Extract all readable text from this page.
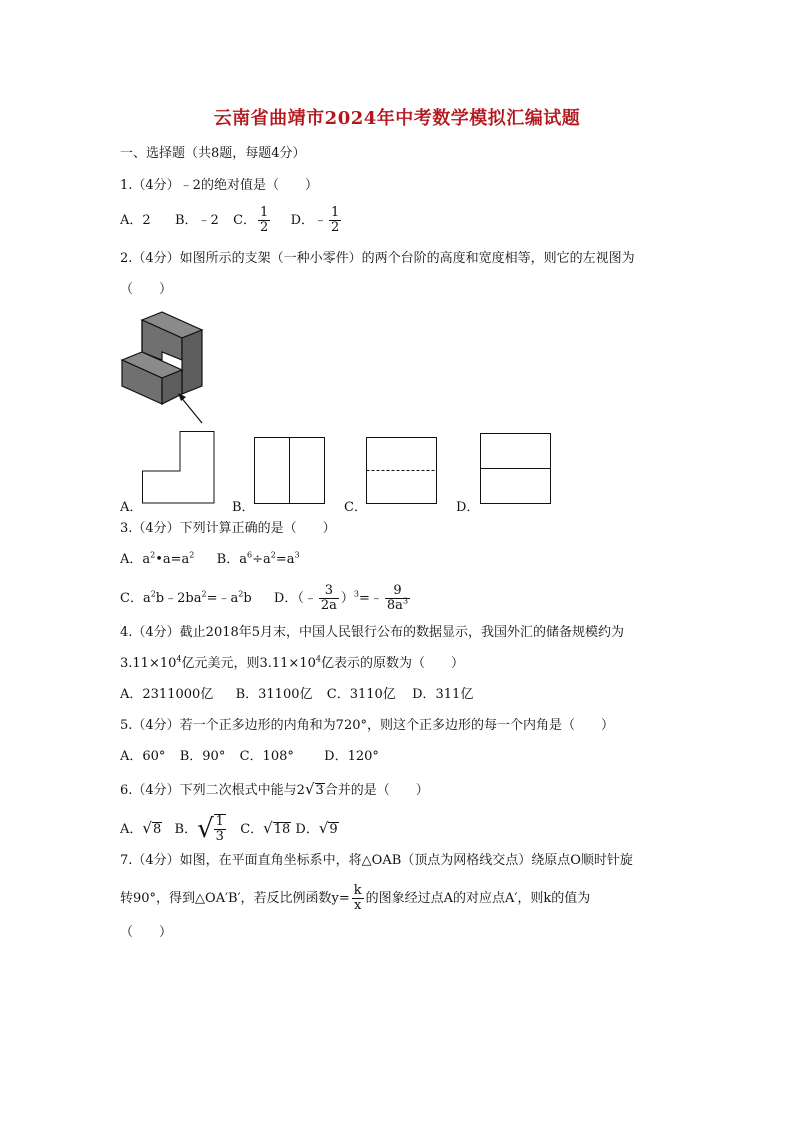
云南省曲靖市2024年中考数学模拟汇编试题
一、选择题（共8题，每题4分）
1.（4分）﹣2的绝对值是（　　）
A．2 B．﹣2 C． $\frac{1}{2}$ D．﹣ $\frac{1}{2}$
2.（4分）如图所示的支架（一种小零件）的两个台阶的高度和宽度相等，则它的左视图为
（　　）
A．	B．	C．	D．
3.（4分）下列计算正确的是（　　）
A．$a^2•a=a^2$ B．$a^6\div a^2=a^3$
C．$a^2b﹣2ba^2=﹣a^2b$ D．（﹣ $\frac{3}{2a}$ ）$^3$=﹣ $\frac{9}{8a^3}$
4.（4分）截止2018年5月末，中国人民银行公布的数据显示，我国外汇的储备规模约为
$3.11\times 10^4$亿元美元，则$3.11\times 10^4$亿表示的原数为（　　）
A．2311000亿 B．31100亿 C．3110亿 D．311亿
5.（4分）若一个正多边形的内角和为720°，则这个正多边形的每一个内角是（　　）
A．60° B．90° C．108° D．120°
6.（4分）下列二次根式中能与2√3合并的是（　　）
A．√8 B．√ $\frac{1}{3}$ C．√18 D．√9
7.（4分）如图，在平面直角坐标系中，将△OAB（顶点为网格线交点）绕原点O顺时针旋
转90°，得到△OA′B′，若反比例函数$y= \frac{k}{x}$ 的图象经过点A的对应点A′，则k的值为
（　　）
